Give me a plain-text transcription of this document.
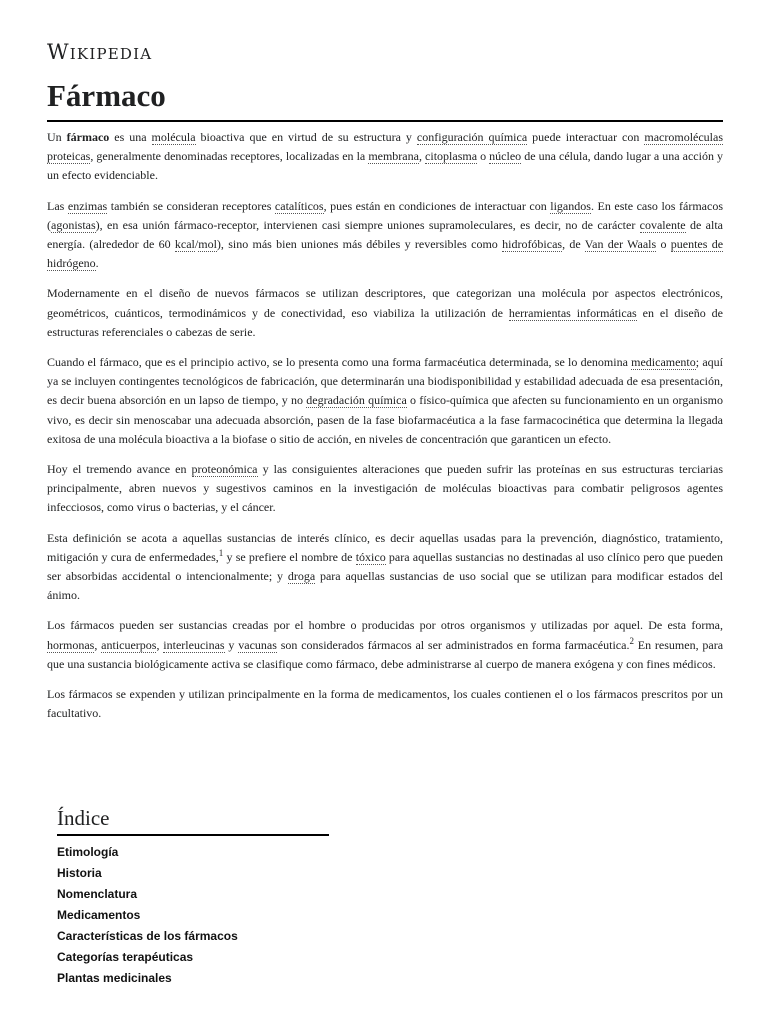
Wikipedia
Fármaco

Un fármaco es una molécula bioactiva que en virtud de su estructura y configuración química puede interactuar con macromoléculas proteicas, generalmente denominadas receptores, localizadas en la membrana, citoplasma o núcleo de una célula, dando lugar a una acción y un efecto evidenciable.

Las enzimas también se consideran receptores catalíticos, pues están en condiciones de interactuar con ligandos. En este caso los fármacos (agonistas), en esa unión fármaco-receptor, intervienen casi siempre uniones supramoleculares, es decir, no de carácter covalente de alta energía. (alrededor de 60 kcal/mol), sino más bien uniones más débiles y reversibles como hidrofóbicas, de Van der Waals o puentes de hidrógeno.

Modernamente en el diseño de nuevos fármacos se utilizan descriptores, que categorizan una molécula por aspectos electrónicos, geométricos, cuánticos, termodinámicos y de conectividad, eso viabiliza la utilización de herramientas informáticas en el diseño de estructuras referenciales o cabezas de serie.

Cuando el fármaco, que es el principio activo, se lo presenta como una forma farmacéutica determinada, se lo denomina medicamento; aquí ya se incluyen contingentes tecnológicos de fabricación, que determinarán una biodisponibilidad y estabilidad adecuada de esa presentación, es decir buena absorción en un lapso de tiempo, y no degradación química o físico-química que afecten su funcionamiento en un organismo vivo, es decir sin menoscabar una adecuada absorción, pasen de la fase biofarmacéutica a la fase farmacocinética que determina la llegada exitosa de una molécula bioactiva a la biofase o sitio de acción, en niveles de concentración que garanticen un efecto.

Hoy el tremendo avance en proteonómica y las consiguientes alteraciones que pueden sufrir las proteínas en sus estructuras terciarias principalmente, abren nuevos y sugestivos caminos en la investigación de moléculas bioactivas para combatir peligrosos agentes infecciosos, como virus o bacterias, y el cáncer.

Esta definición se acota a aquellas sustancias de interés clínico, es decir aquellas usadas para la prevención, diagnóstico, tratamiento, mitigación y cura de enfermedades,$^1$ y se prefiere el nombre de tóxico para aquellas sustancias no destinadas al uso clínico pero que pueden ser absorbidas accidental o intencionalmente; y droga para aquellas sustancias de uso social que se utilizan para modificar estados del ánimo.

Los fármacos pueden ser sustancias creadas por el hombre o producidas por otros organismos y utilizadas por aquel. De esta forma, hormonas, anticuerpos, interleucinas y vacunas son considerados fármacos al ser administrados en forma farmacéutica.$^2$ En resumen, para que una sustancia biológicamente activa se clasifique como fármaco, debe administrarse al cuerpo de manera exógena y con fines médicos.

Los fármacos se expenden y utilizan principalmente en la forma de medicamentos, los cuales contienen el o los fármacos prescritos por un facultativo.

Índice
Etimología
Historia
Nomenclatura
Medicamentos
Características de los fármacos
Categorías terapéuticas
Plantas medicinales
